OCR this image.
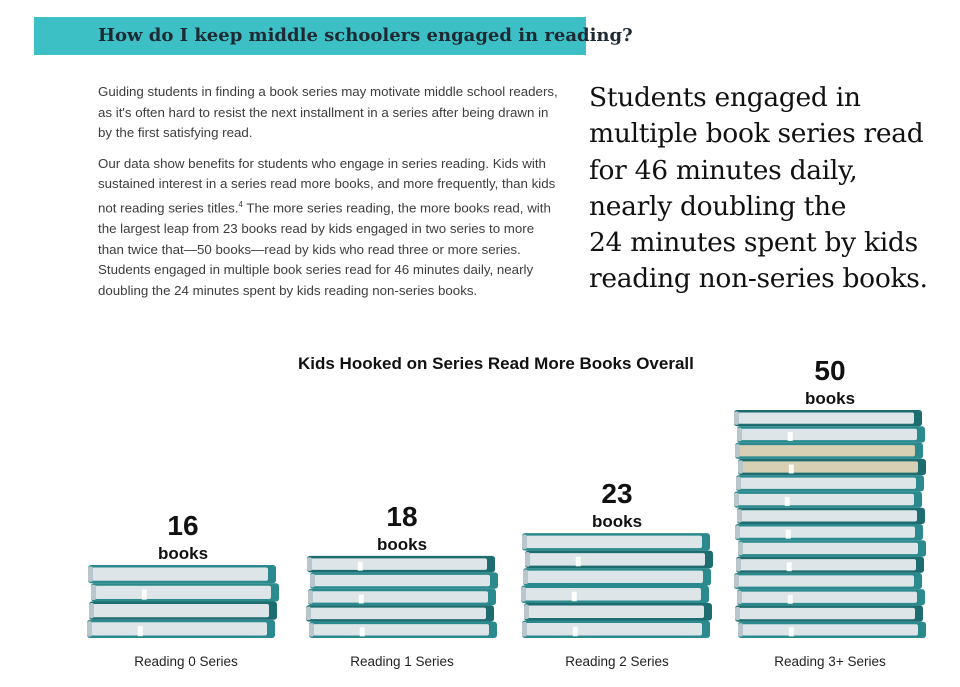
How do I keep middle schoolers engaged in reading?

Guiding students in finding a book series may motivate middle school readers, as it's often hard to resist the next installment in a series after being drawn in by the first satisfying read.

Our data show benefits for students who engage in series reading. Kids with sustained interest in a series read more books, and more frequently, than kids not reading series titles.$^4$ The more series reading, the more books read, with the largest leap from 23 books read by kids engaged in two series to more than twice that—50 books—read by kids who read three or more series. Students engaged in multiple book series read for 46 minutes daily, nearly doubling the 24 minutes spent by kids reading non-series books.

Students engaged in
multiple book series read
for 46 minutes daily,
nearly doubling the
24 minutes spent by kids
reading non-series books.
Kids Hooked on Series Read More Books Overall
16
books
Reading 0 Series
18
books
Reading 1 Series
23
books
Reading 2 Series
50
books
Reading 3+ Series
